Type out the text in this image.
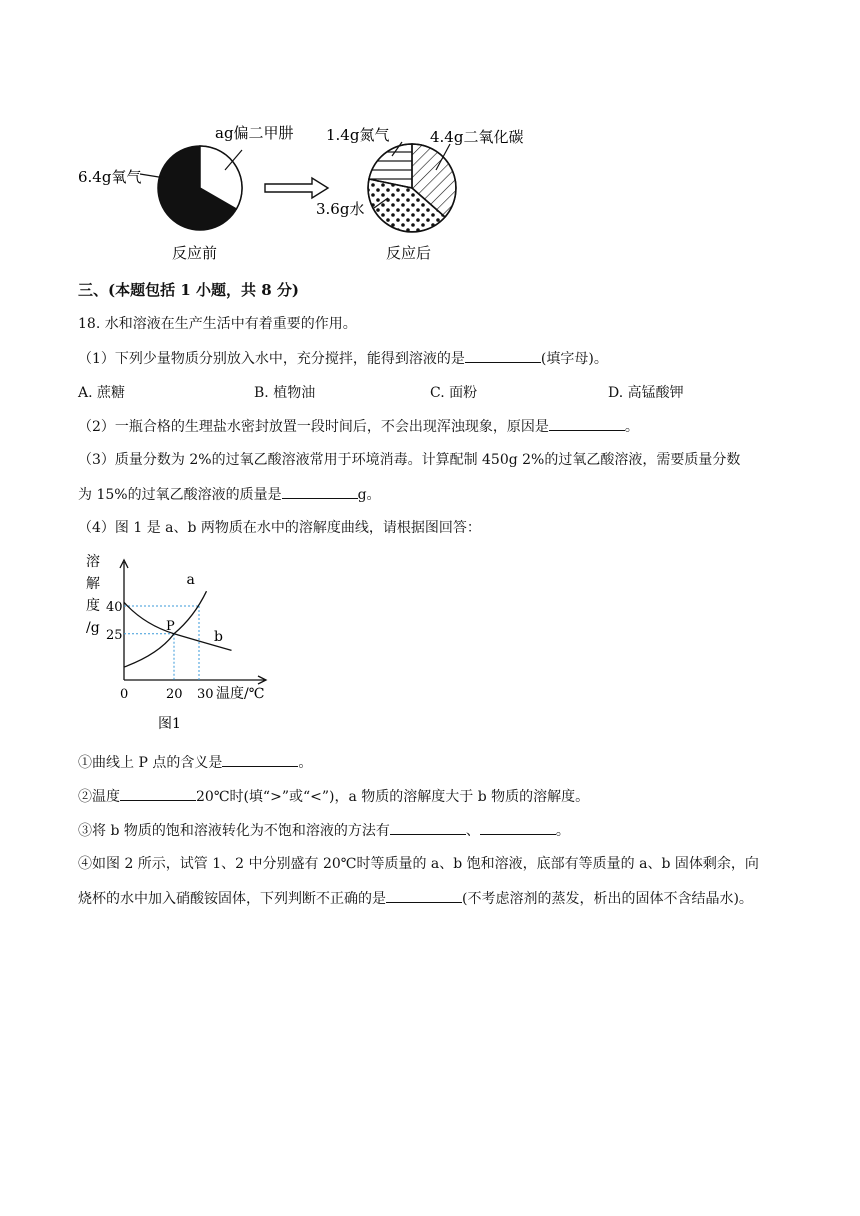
ag偏二甲肼
6.4g氧气
反应前
1.4g氮气	4.4g二氧化碳
3.6g水
反应后
三、(本题包括 1 小题，共 8 分)
18. 水和溶液在生产生活中有着重要的作用。
（1）下列少量物质分别放入水中，充分搅拌，能得到溶液的是	(填字母)。
A. 蔗糖	B. 植物油	C. 面粉	D. 高锰酸钾
（2）一瓶合格的生理盐水密封放置一段时间后，不会出现浑浊现象，原因是	。
（3）质量分数为 2%的过氧乙酸溶液常用于环境消毒。计算配制 450g 2%的过氧乙酸溶液，需要质量分数
为 15%的过氧乙酸溶液的质量是	g。
（4）图 1 是 a、b 两物质在水中的溶解度曲线，请根据图回答：
a
b
P
溶
解
度
/g
40
25
0	20 30 温度/℃
图1
①曲线上 P 点的含义是	。
②温度	20℃时(填“>”或“<”)，a 物质的溶解度大于 b 物质的溶解度。
③将 b 物质的饱和溶液转化为不饱和溶液的方法有	、	。
④如图 2 所示，试管 1、2 中分别盛有 20℃时等质量的 a、b 饱和溶液，底部有等质量的 a、b 固体剩余，向
烧杯的水中加入硝酸铵固体，下列判断不正确的是	(不考虑溶剂的蒸发，析出的固体不含结晶水)。
